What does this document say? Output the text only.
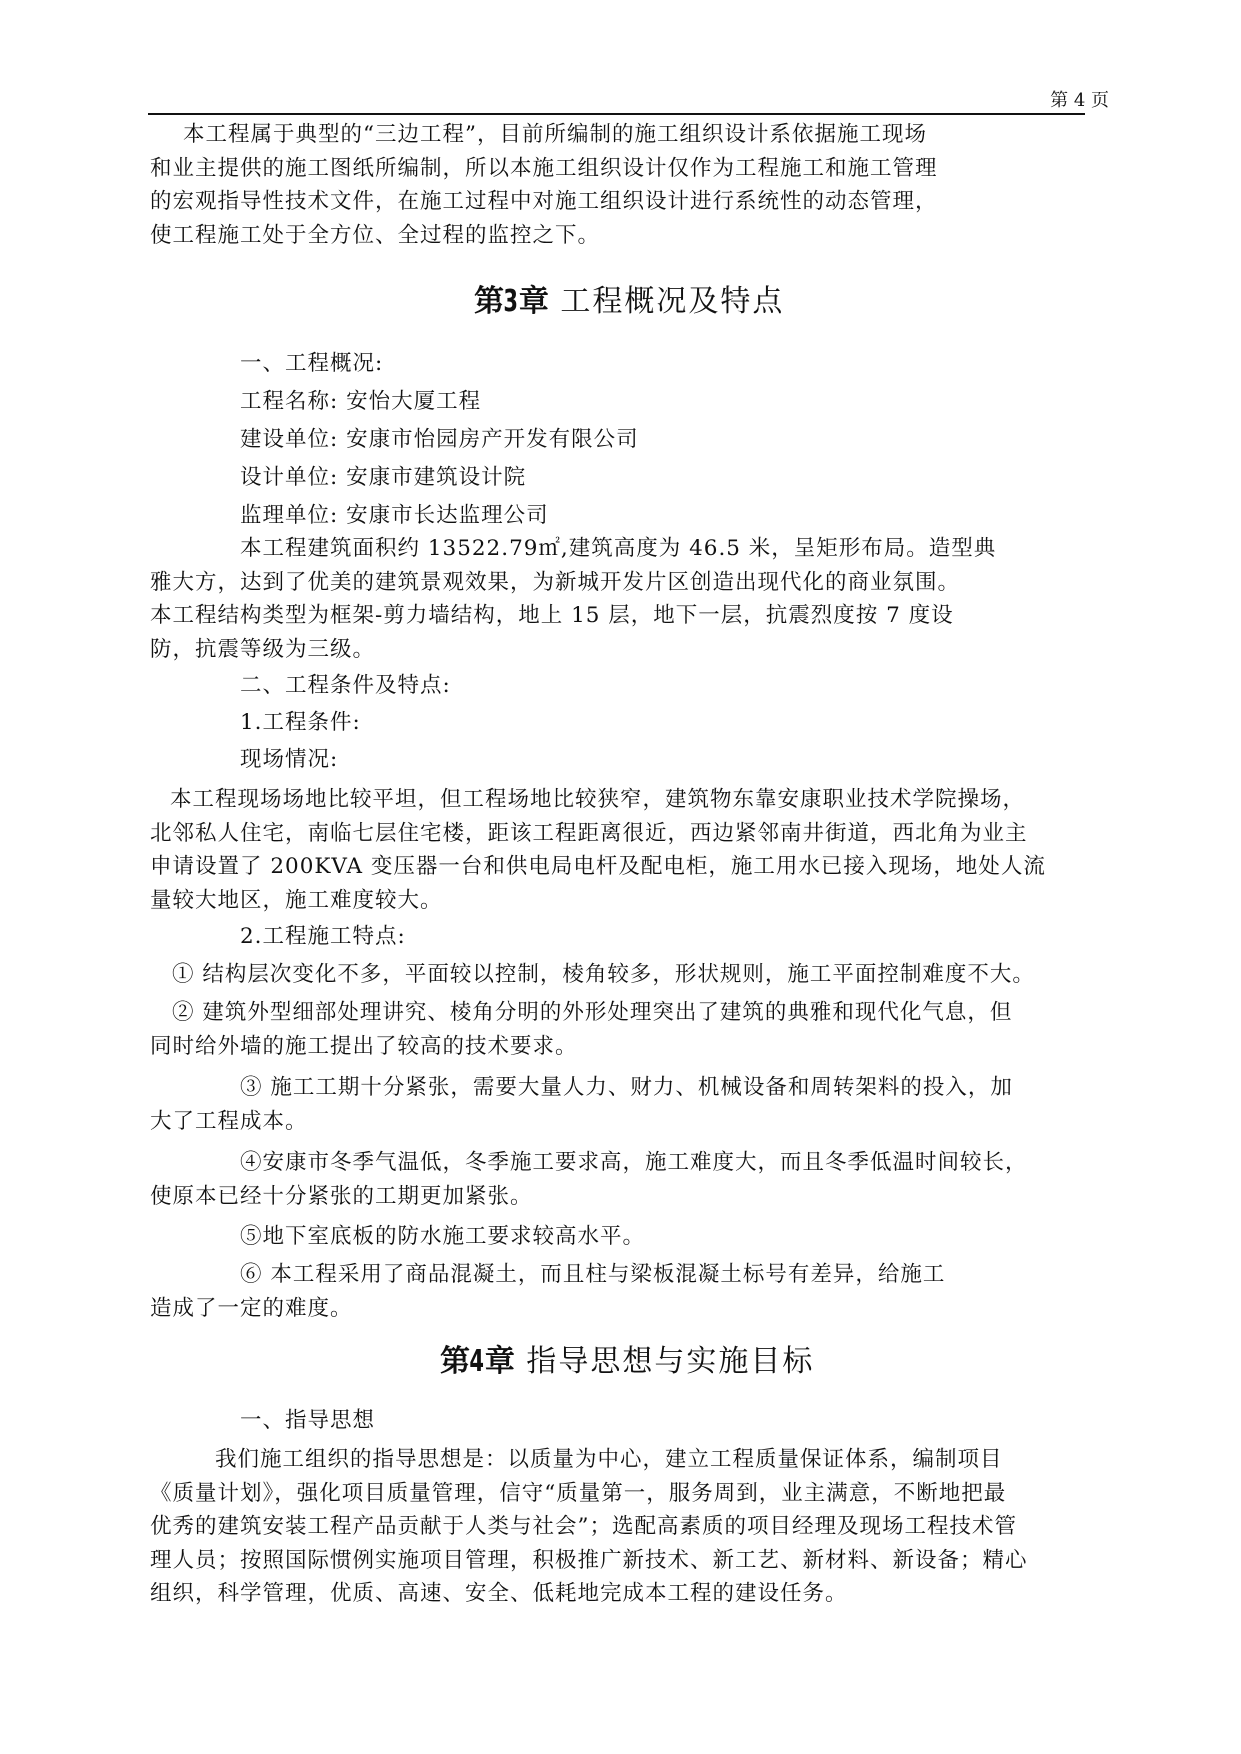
第 4 页
本工程属于典型的“三边工程”，目前所编制的施工组织设计系依据施工现场
和业主提供的施工图纸所编制，所以本施工组织设计仅作为工程施工和施工管理
的宏观指导性技术文件，在施工过程中对施工组织设计进行系统性的动态管理，
使工程施工处于全方位、全过程的监控之下。
第3章 工程概况及特点
一、工程概况:
工程名称: 安怡大厦工程
建设单位: 安康市怡园房产开发有限公司
设计单位: 安康市建筑设计院
监理单位: 安康市长达监理公司
本工程建筑面积约 13522.79㎡,建筑高度为 46.5 米，呈矩形布局。造型典
雅大方，达到了优美的建筑景观效果，为新城开发片区创造出现代化的商业氛围。
本工程结构类型为框架-剪力墙结构，地上 15 层，地下一层，抗震烈度按 7 度设
防，抗震等级为三级。
二、工程条件及特点:
1.工程条件:
现场情况:
本工程现场场地比较平坦，但工程场地比较狭窄，建筑物东靠安康职业技术学院操场，
北邻私人住宅，南临七层住宅楼，距该工程距离很近，西边紧邻南井街道，西北角为业主
申请设置了 200KVA 变压器一台和供电局电杆及配电柜，施工用水已接入现场，地处人流
量较大地区，施工难度较大。
2.工程施工特点:
① 结构层次变化不多，平面较以控制，棱角较多，形状规则，施工平面控制难度不大。
② 建筑外型细部处理讲究、棱角分明的外形处理突出了建筑的典雅和现代化气息，但
同时给外墙的施工提出了较高的技术要求。
③ 施工工期十分紧张，需要大量人力、财力、机械设备和周转架料的投入，加
大了工程成本。
④安康市冬季气温低，冬季施工要求高，施工难度大，而且冬季低温时间较长，
使原本已经十分紧张的工期更加紧张。
⑤地下室底板的防水施工要求较高水平。
⑥ 本工程采用了商品混凝土，而且柱与梁板混凝土标号有差异，给施工
造成了一定的难度。
第4章 指导思想与实施目标
一、指导思想
我们施工组织的指导思想是：以质量为中心，建立工程质量保证体系，编制项目
《质量计划》，强化项目质量管理，信守“质量第一，服务周到，业主满意，不断地把最
优秀的建筑安装工程产品贡献于人类与社会”；选配高素质的项目经理及现场工程技术管
理人员；按照国际惯例实施项目管理，积极推广新技术、新工艺、新材料、新设备；精心
组织，科学管理，优质、高速、安全、低耗地完成本工程的建设任务。
